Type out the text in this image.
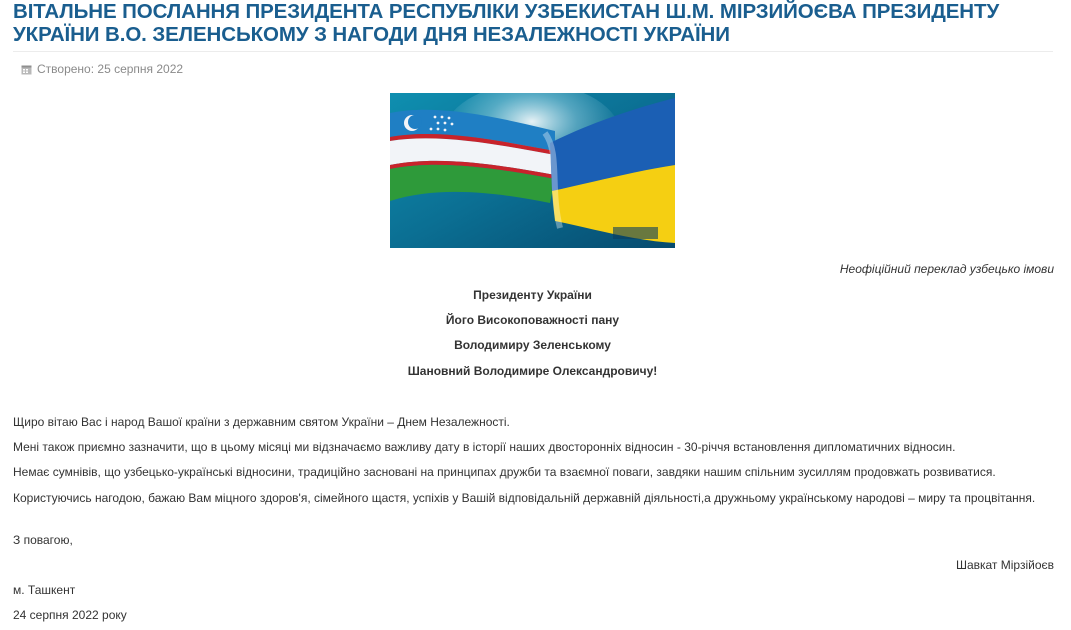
ВІТАЛЬНЕ ПОСЛАННЯ ПРЕЗИДЕНТА РЕСПУБЛІКИ УЗБЕКИСТАН Ш.М. МІРЗИЙОЄВА ПРЕЗИДЕНТУ УКРАЇНИ В.О. ЗЕЛЕНСЬКОМУ З НАГОДИ ДНЯ НЕЗАЛЕЖНОСТІ УКРАЇНИ
Створено: 25 серпня 2022
Неофіційний переклад узбецько імови
Президенту України
Його Високоповажності пану
Володимиру Зеленському
Шановний Володимире Олександровичу!

Щиро вітаю Вас і народ Вашої країни з державним святом України – Днем Незалежності.

Мені також приємно зазначити, що в цьому місяці ми відзначаємо важливу дату в історії наших двосторонніх відносин - 30-річчя встановлення дипломатичних відносин.

Немає сумнівів, що узбецько-українські відносини, традиційно засновані на принципах дружби та взаємної поваги, завдяки нашим спільним зусиллям продовжать розвиватися.

Користуючись нагодою, бажаю Вам міцного здоров'я, сімейного щастя, успіхів у Вашій відповідальній державній діяльності,а дружньому українському народові – миру та процвітання.

З повагою,

Шавкат Мірзійоєв

м. Ташкент

24 серпня 2022 року
